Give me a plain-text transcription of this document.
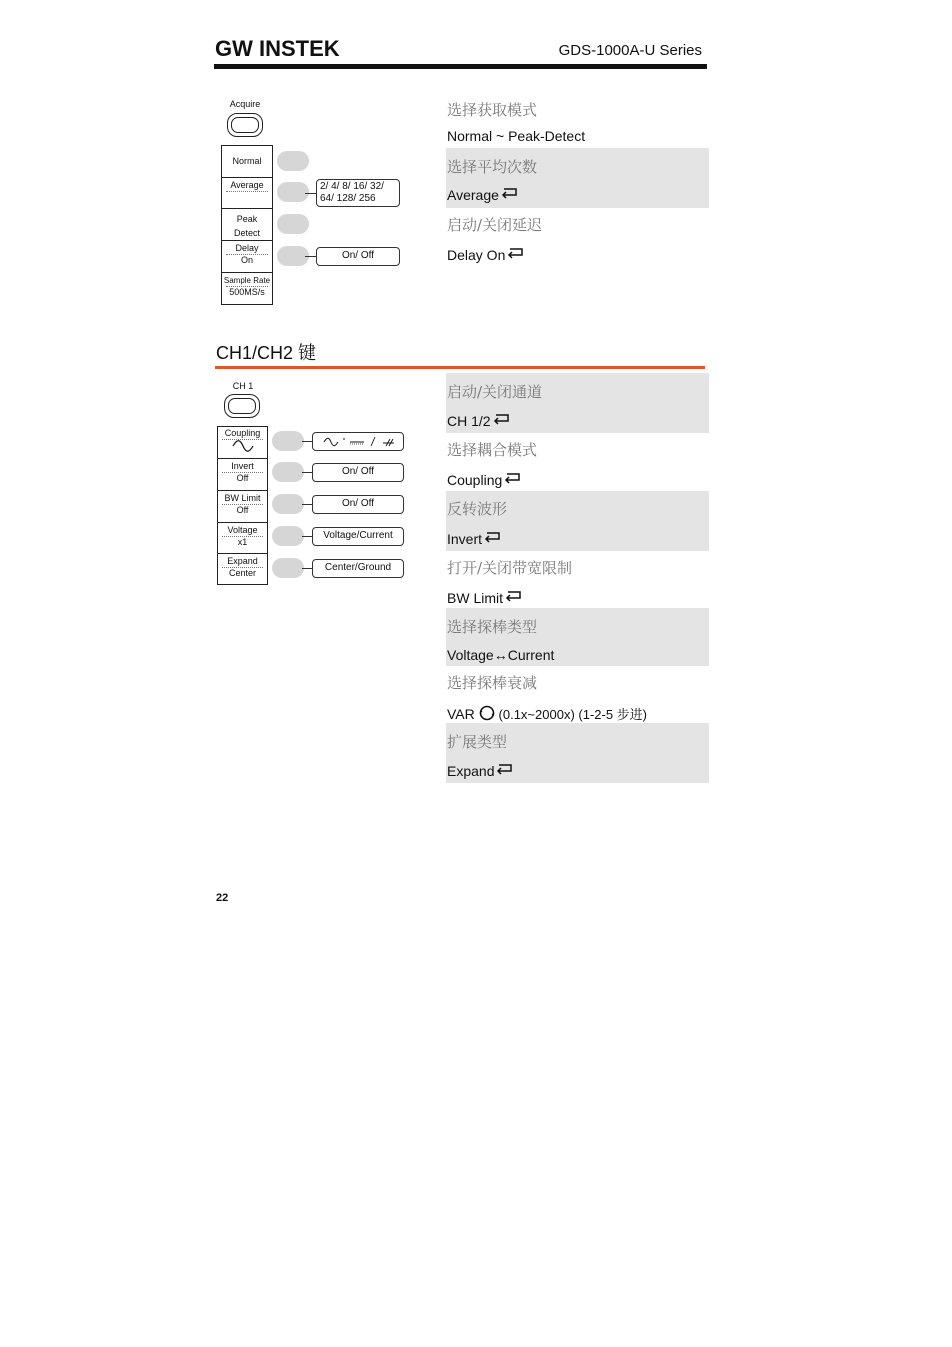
GW INSTEK	GDS-1000A-U Series
Acquire
Normal
Average
Peak
Detect
Delay
On
Sample Rate
500MS/s
2/ 4/ 8/ 16/ 32/
64/ 128/ 256
On/ Off
选择获取模式
Normal ~ Peak-Detect
选择平均次数
Average
启动/关闭延迟
Delay On
CH1/CH2 键
CH 1
Coupling
Invert
Off
BW Limit
Off
Voltage
x1
Expand
Center
On/ Off
On/ Off
Voltage/Current
Center/Ground
启动/关闭通道
CH 1/2
选择耦合模式
Coupling
反转波形
Invert
打开/关闭带宽限制
BW Limit
选择探棒类型
Voltage↔Current
选择探棒衰减
VAR (0.1x~2000x) (1-2-5 步进)
扩展类型
Expand
22
